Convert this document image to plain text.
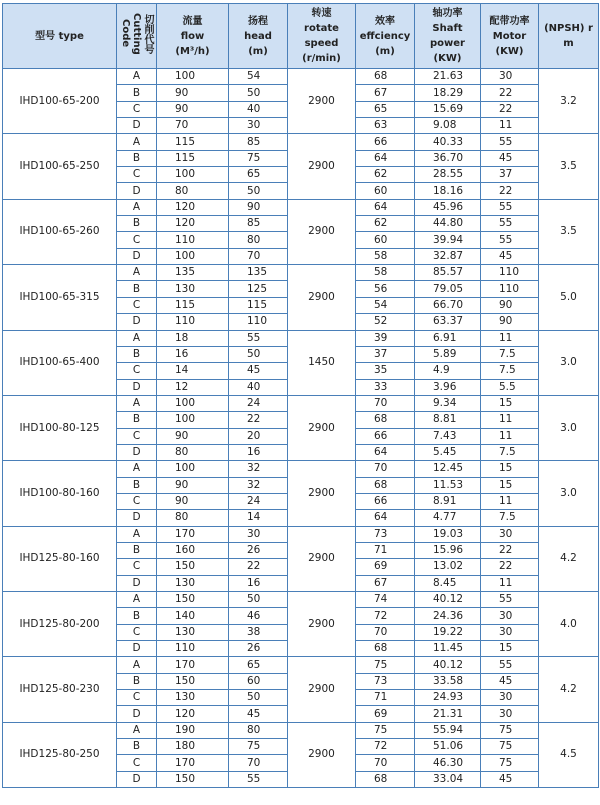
型号 type	切削代号 Cutting Code	流量
flow
(M³/h)	扬程
head
(m)	转速
rotate speed
(r/min)	效率
effciency
(m)	轴功率
Shaft power
(KW)	配带功率
Motor
(KW)	(NPSH) r
m

IHD100-65-200	A	100	54	2900	68	21.63	30	3.2
	B	90	50		67	18.29	22	
	C	90	40		65	15.69	22	
	D	70	30		63	9.08	11	
IHD100-65-250	A	115	85	2900	66	40.33	55	3.5
	B	115	75		64	36.70	45	
	C	100	65		62	28.55	37	
	D	80	50		60	18.16	22	
IHD100-65-260	A	120	90	2900	64	45.96	55	3.5
	B	120	85		62	44.80	55	
	C	110	80		60	39.94	55	
	D	100	70		58	32.87	45	
IHD100-65-315	A	135	135	2900	58	85.57	110	5.0
	B	130	125		56	79.05	110	
	C	115	115		54	66.70	90	
	D	110	110		52	63.37	90	
IHD100-65-400	A	18	55	1450	39	6.91	11	3.0
	B	16	50		37	5.89	7.5	
	C	14	45		35	4.9	7.5	
	D	12	40		33	3.96	5.5	
IHD100-80-125	A	100	24	2900	70	9.34	15	3.0
	B	100	22		68	8.81	11	
	C	90	20		66	7.43	11	
	D	80	16		64	5.45	7.5	
IHD100-80-160	A	100	32	2900	70	12.45	15	3.0
	B	90	32		68	11.53	15	
	C	90	24		66	8.91	11	
	D	80	14		64	4.77	7.5	
IHD125-80-160	A	170	30	2900	73	19.03	30	4.2
	B	160	26		71	15.96	22	
	C	150	22		69	13.02	22	
	D	130	16		67	8.45	11	
IHD125-80-200	A	150	50	2900	74	40.12	55	4.0
	B	140	46		72	24.36	30	
	C	130	38		70	19.22	30	
	D	110	26		68	11.45	15	
IHD125-80-230	A	170	65	2900	75	40.12	55	4.2
	B	150	60		73	33.58	45	
	C	130	50		71	24.93	30	
	D	120	45		69	21.31	30	
IHD125-80-250	A	190	80	2900	75	55.94	75	4.5
	B	180	75		72	51.06	75	
	C	170	70		70	46.30	75	
	D	150	55		68	33.04	45	
